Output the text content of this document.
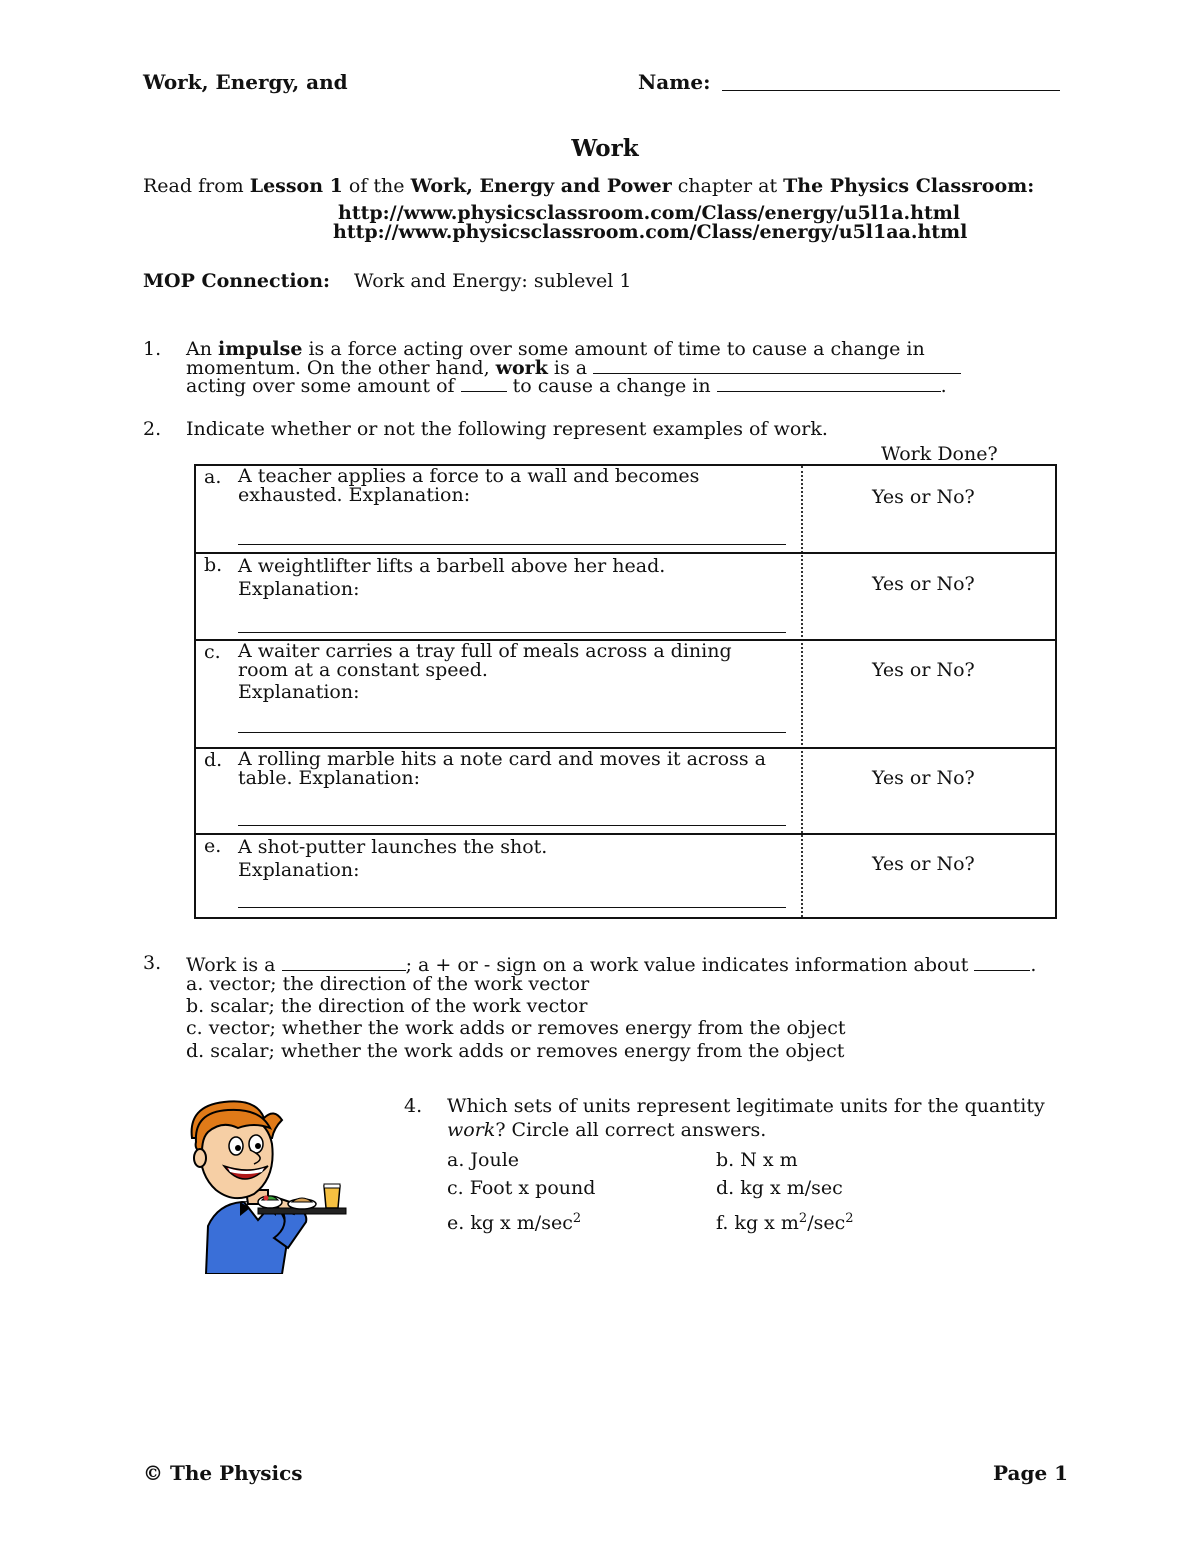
Work, Energy, and	Name:
Work
Read from Lesson 1 of the Work, Energy and Power chapter at The Physics Classroom:
http://www.physicsclassroom.com/Class/energy/u5l1a.html
http://www.physicsclassroom.com/Class/energy/u5l1aa.html
MOP Connection: Work and Energy: sublevel 1
1. An impulse is a force acting over some amount of time to cause a change in
momentum. On the other hand, work is a
acting over some amount of  to cause a change in	.
2. Indicate whether or not the following represent examples of work.
Work Done?
a. A teacher applies a force to a wall and becomes
exhausted. Explanation:	Yes or No?
b. A weightlifter lifts a barbell above her head.
Explanation:	Yes or No?
c. A waiter carries a tray full of meals across a dining
room at a constant speed.
Explanation:
Yes or No?
d. A rolling marble hits a note card and moves it across a
table. Explanation:	Yes or No?
e. A shot-putter launches the shot.
Explanation:	Yes or No?
3. Work is a	; a + or - sign on a work value indicates information about	.
a. vector; the direction of the work vector
b. scalar; the direction of the work vector
c. vector; whether the work adds or removes energy from the object
d. scalar; whether the work adds or removes energy from the object
4. Which sets of units represent legitimate units for the quantity
work? Circle all correct answers.
a. Joule	b. N x m
c. Foot x pound	d. kg x m/sec
e. kg x $m/\sec^2$	f. kg x $m^2/\sec^2$
© The Physics	Page 1
